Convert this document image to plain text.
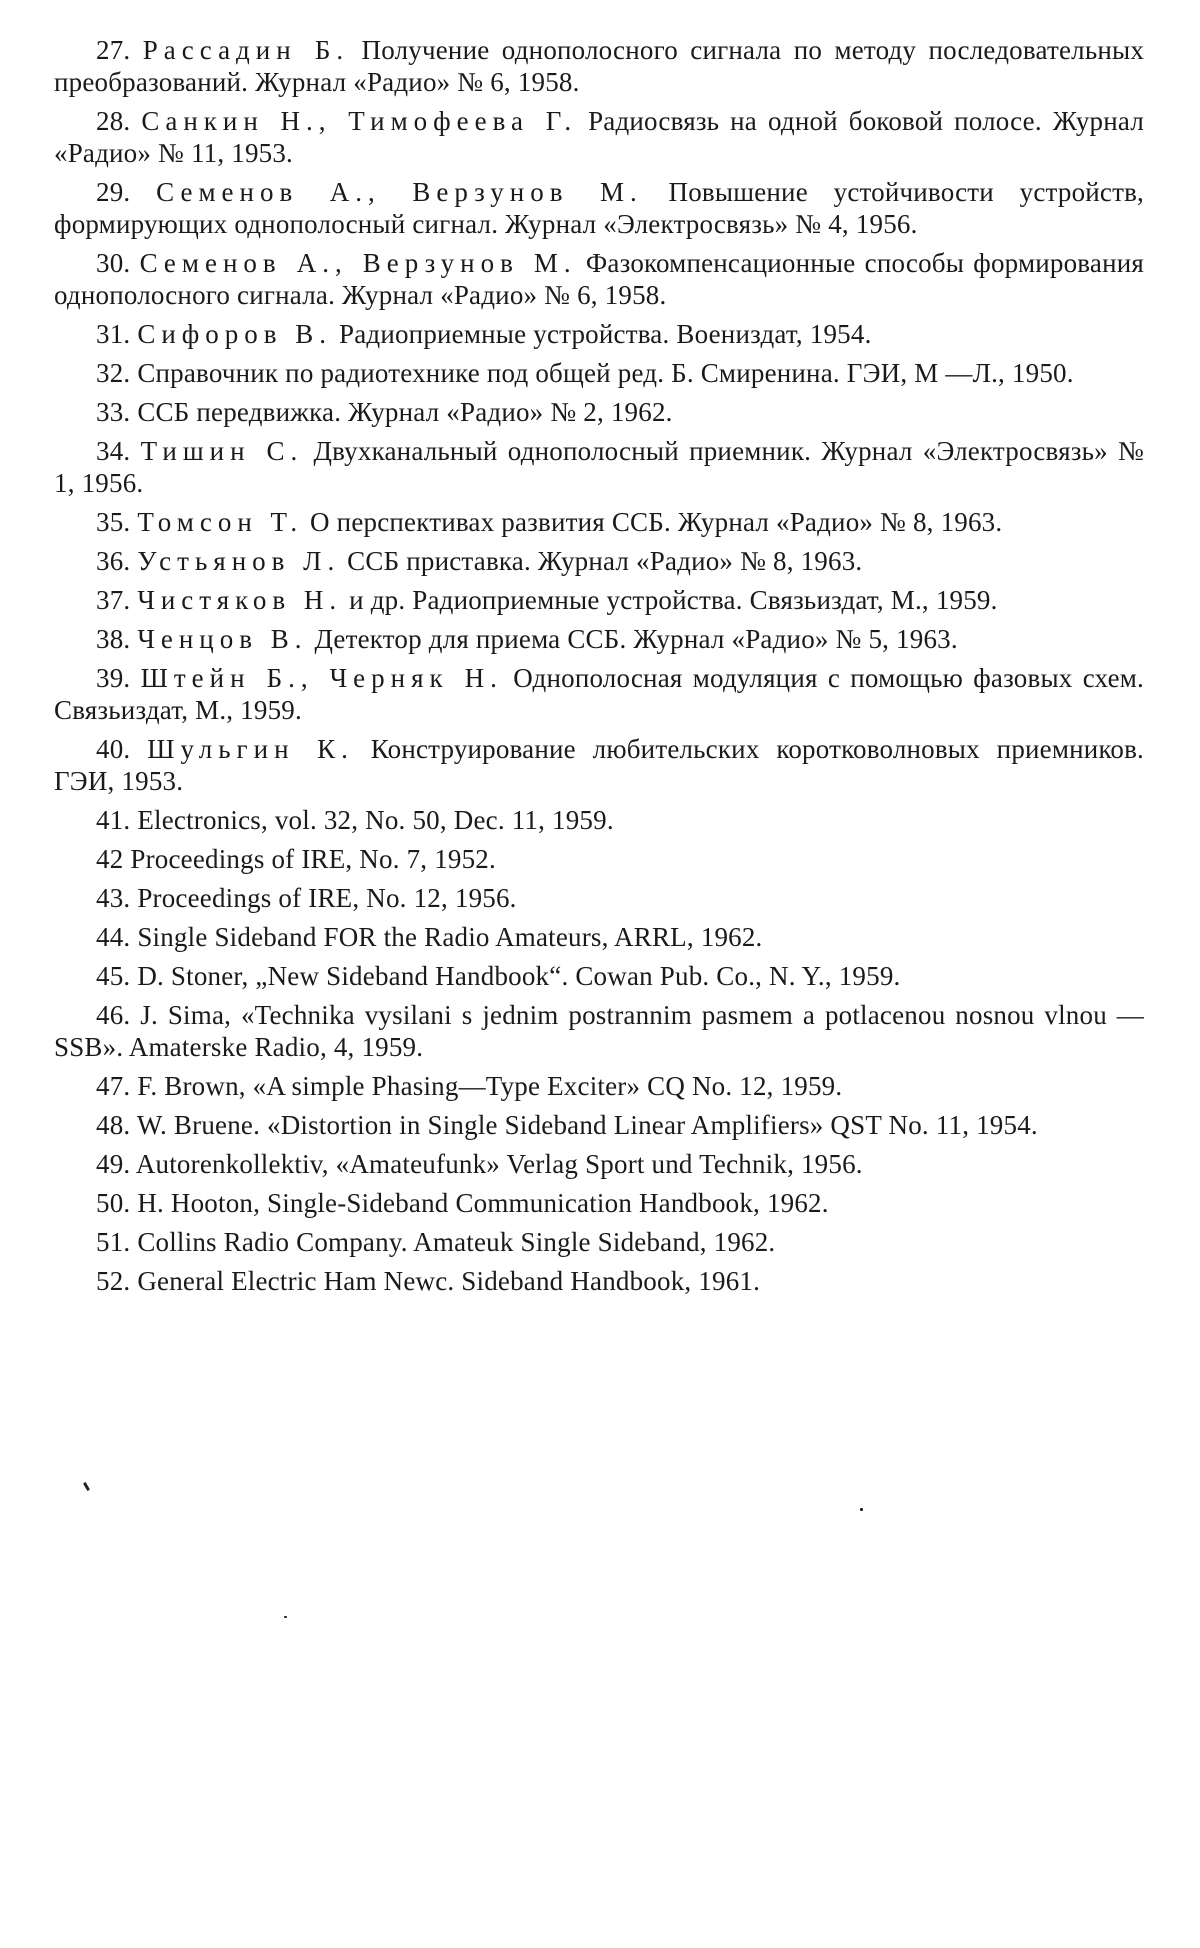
27. Рассадин Б. Получение однополосного сигнала по методу последовательных преобразований. Журнал «Радио» № 6, 1958.

28. Санкин Н., Тимофеева Г. Радиосвязь на одной боковой полосе. Журнал «Радио» № 11, 1953.

29. Семенов А., Верзунов М. Повышение устойчивости устройств, формирующих однополосный сигнал. Журнал «Электросвязь» № 4, 1956.

30. Семенов А., Верзунов М. Фазокомпенсационные способы формирования однополосного сигнала. Журнал «Радио» № 6, 1958.

31. Сифоров В. Радиоприемные устройства. Воениздат, 1954.

32. Справочник по радиотехнике под общей ред. Б. Смиренина. ГЭИ, М —Л., 1950.

33. ССБ передвижка. Журнал «Радио» № 2, 1962.

34. Тишин С. Двухканальный однополосный приемник. Журнал «Электросвязь» № 1, 1956.

35. Томсон Т. О перспективах развития ССБ. Журнал «Радио» № 8, 1963.

36. Устьянов Л. ССБ приставка. Журнал «Радио» № 8, 1963.

37. Чистяков Н. и др. Радиоприемные устройства. Связьиздат, М., 1959.

38. Ченцов В. Детектор для приема ССБ. Журнал «Радио» № 5, 1963.

39. Штейн Б., Черняк Н. Однополосная модуляция с помощью фазовых схем. Связьиздат, М., 1959.

40. Шульгин К. Конструирование любительских коротковолновых приемников. ГЭИ, 1953.

41. Electronics, vol. 32, No. 50, Dec. 11, 1959.

42 Proceedings of IRE, No. 7, 1952.

43. Proceedings of IRE, No. 12, 1956.

44. Single Sideband FOR the Radio Amateurs, ARRL, 1962.

45. D. Stoner, „New Sideband Handbook“. Cowan Pub. Co., N. Y., 1959.

46. J. Sima, «Technika vysilani s jednim postrannim pasmem a potlacenou nosnou vlnou — SSB». Amaterske Radio, 4, 1959.

47. F. Brown, «A simple Phasing—Type Exciter» CQ No. 12, 1959.

48. W. Bruene. «Distortion in Single Sideband Linear Amplifiers» QST No. 11, 1954.

49. Autorenkollektiv, «Amateufunk» Verlag Sport und Technik, 1956.

50. H. Hooton, Single-Sideband Communication Handbook, 1962.

51. Collins Radio Company. Amateuk Single Sideband, 1962.

52. General Electric Ham Newc. Sideband Handbook, 1961.
